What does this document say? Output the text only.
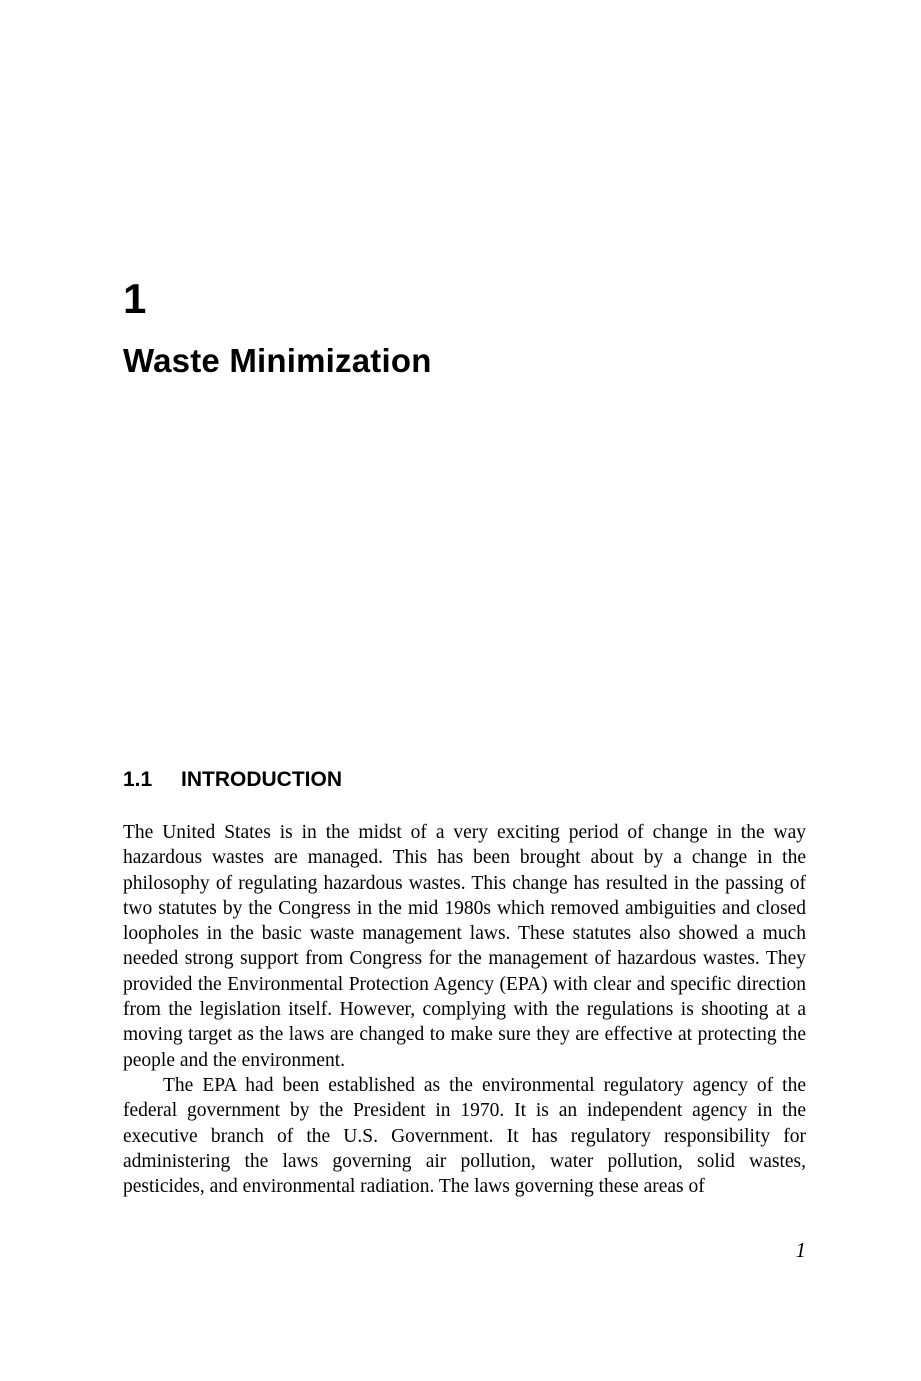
1
Waste Minimization
1.1 INTRODUCTION

The United States is in the midst of a very exciting period of change in the way hazardous wastes are managed. This has been brought about by a change in the philosophy of regulating hazardous wastes. This change has resulted in the passing of two statutes by the Congress in the mid 1980s which removed ambiguities and closed loopholes in the basic waste management laws. These statutes also showed a much needed strong support from Congress for the management of hazardous wastes. They provided the Environmental Protection Agency (EPA) with clear and specific direction from the legislation itself. However, complying with the regulations is shooting at a moving target as the laws are changed to make sure they are effective at protecting the people and the environment.

The EPA had been established as the environmental regulatory agency of the federal government by the President in 1970. It is an independent agency in the executive branch of the U.S. Government. It has regulatory responsibility for administering the laws governing air pollution, water pollution, solid wastes, pesticides, and environmental radiation. The laws governing these areas of

1
